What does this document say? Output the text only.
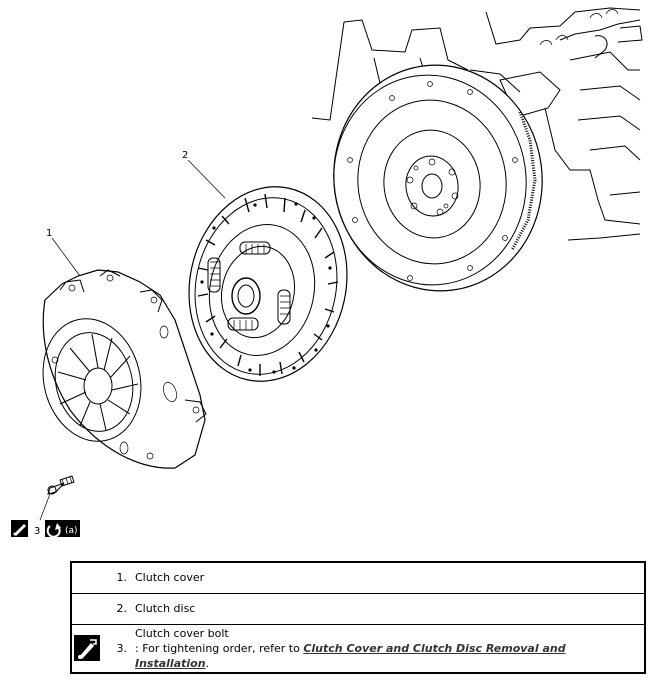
1
2
3	(a)
	1.	Clutch cover
	2.	Clutch disc
	3.	Clutch cover bolt
: For tightening order, refer to Clutch Cover and Clutch Disc Removal and Installation.
